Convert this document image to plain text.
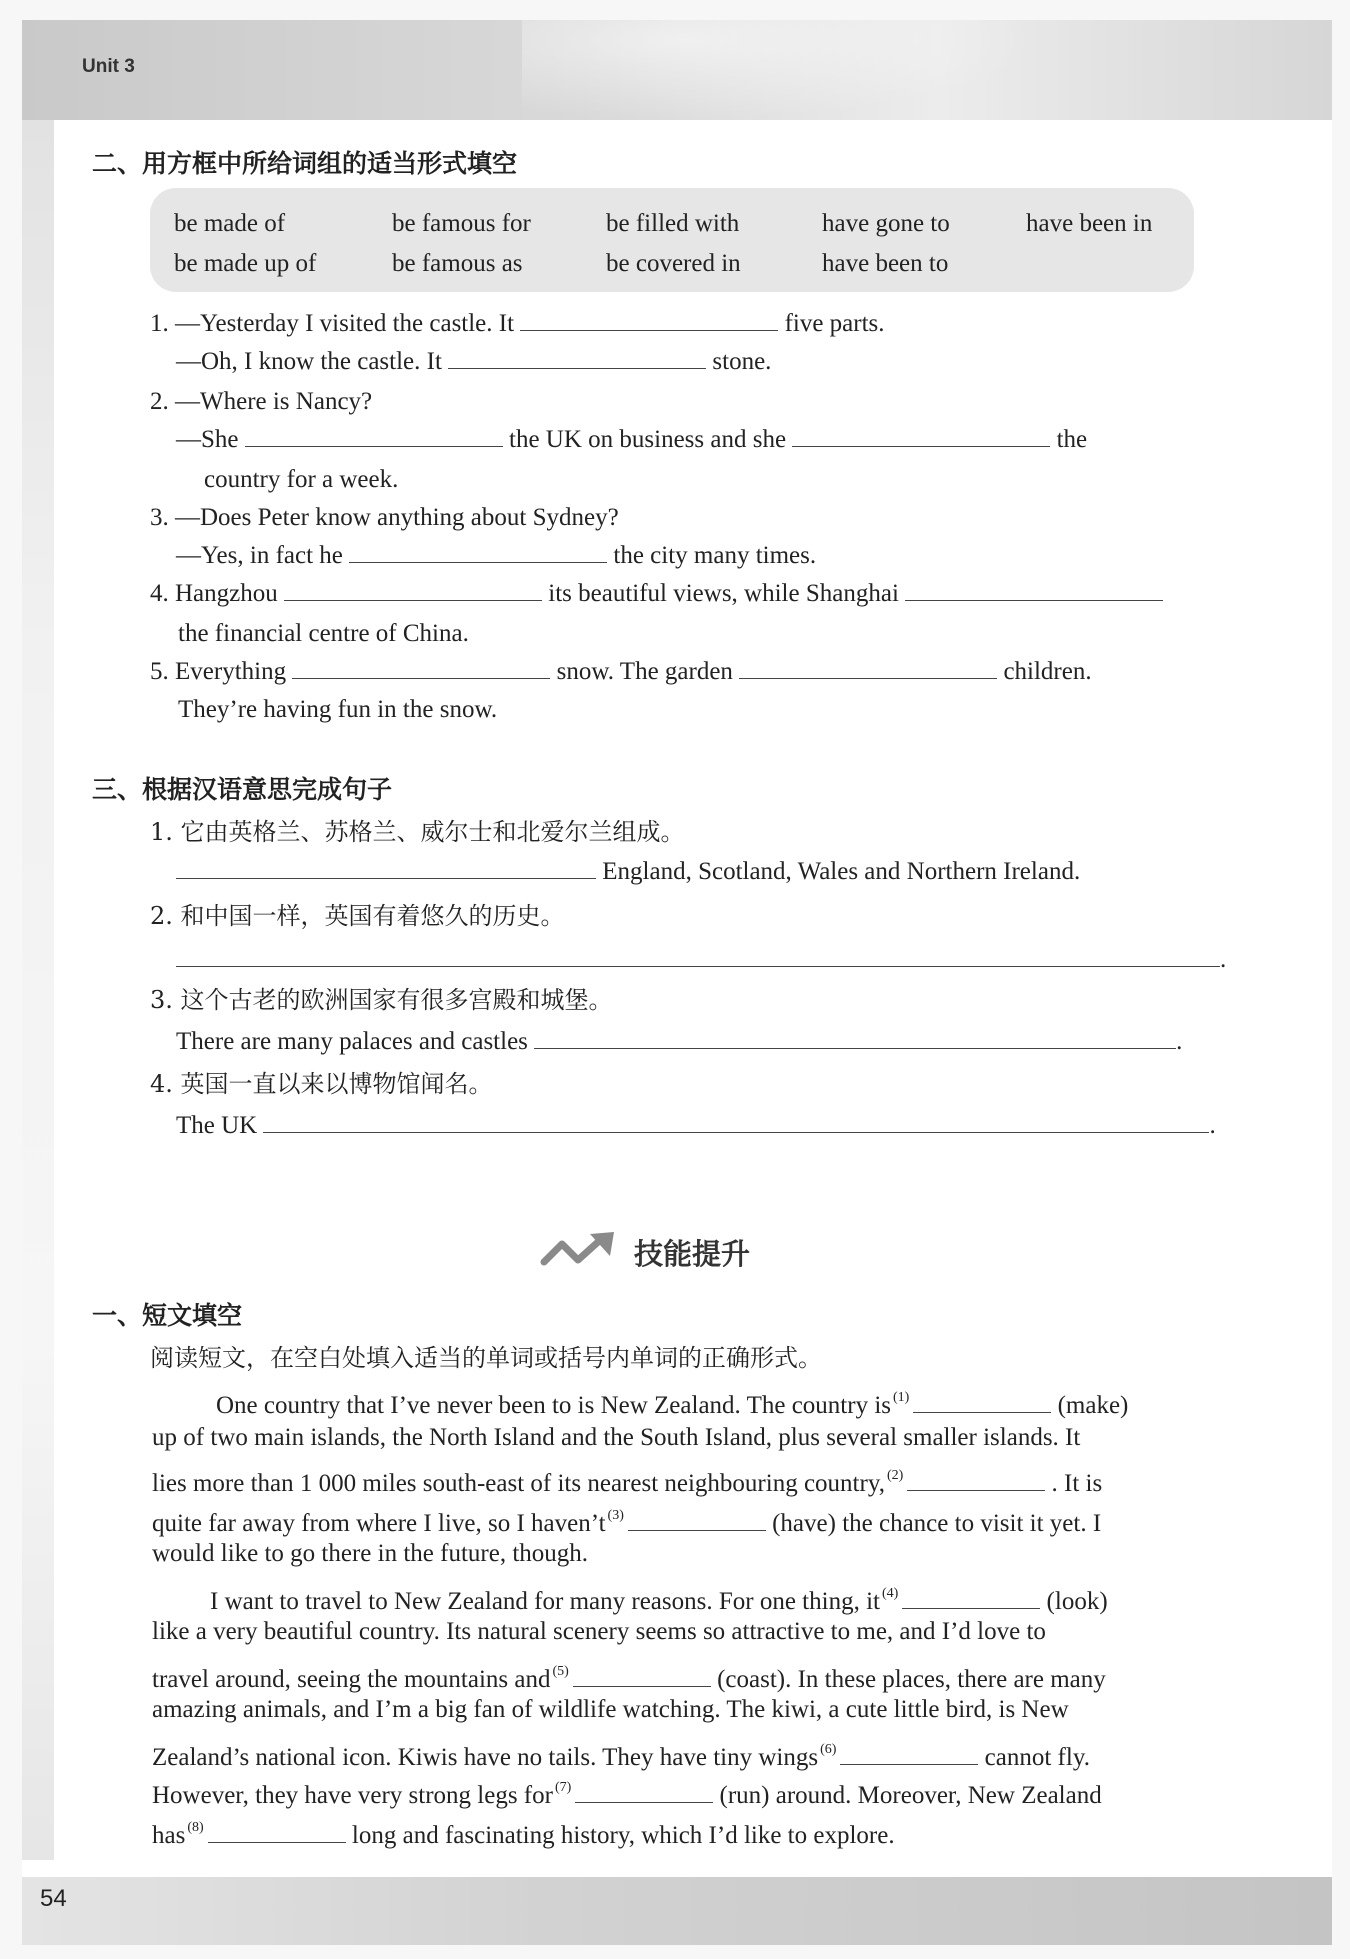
Unit 3
二、用方框中所给词组的适当形式填空
be made of	be famous for	be filled with	have gone to	have been in
be made up of	be famous as	be covered in	have been to
1. —Yesterday I visited the castle. It	five parts.
—Oh, I know the castle. It	stone.
2. —Where is Nancy?
—She	the UK on business and she	the
country for a week.
3. —Does Peter know anything about Sydney?
—Yes, in fact he	the city many times.
4. Hangzhou	its beautiful views, while Shanghai
the financial centre of China.
5. Everything	snow. The garden	children.
They’re having fun in the snow.
三、根据汉语意思完成句子
1. 它由英格兰、苏格兰、威尔士和北爱尔兰组成。
England, Scotland, Wales and Northern Ireland.
2. 和中国一样，英国有着悠久的历史。
.
3. 这个古老的欧洲国家有很多宫殿和城堡。
There are many palaces and castles	.
4. 英国一直以来以博物馆闻名。
The UK	.
技能提升
一、短文填空
阅读短文，在空白处填入适当的单词或括号内单词的正确形式。
One country that I’ve never been to is New Zealand. The country is $^{(1)}$	(make)
up of two main islands, the North Island and the South Island, plus several smaller islands. It
lies more than 1 000 miles south-east of its nearest neighbouring country, $^{(2)}$	. It is
quite far away from where I live, so I haven’t $^{(3)}$	(have) the chance to visit it yet. I
would like to go there in the future, though.
I want to travel to New Zealand for many reasons. For one thing, it $^{(4)}$	(look)
like a very beautiful country. Its natural scenery seems so attractive to me, and I’d love to
travel around, seeing the mountains and $^{(5)}$	(coast). In these places, there are many
amazing animals, and I’m a big fan of wildlife watching. The kiwi, a cute little bird, is New
Zealand’s national icon. Kiwis have no tails. They have tiny wings $^{(6)}$	cannot fly.
However, they have very strong legs for $^{(7)}$	(run) around. Moreover, New Zealand
has $^{(8)}$	long and fascinating history, which I’d like to explore.
54
